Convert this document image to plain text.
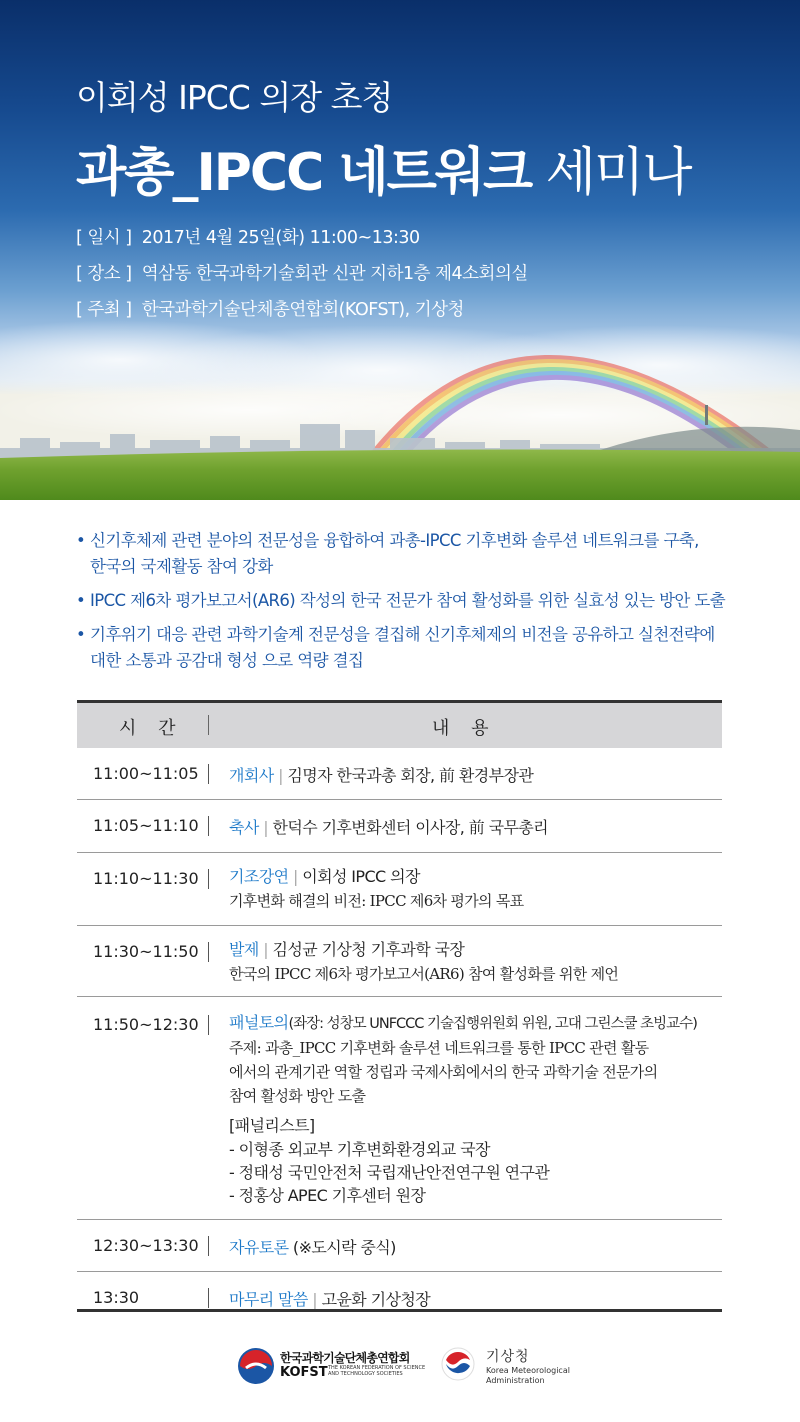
이회성 IPCC 의장 초청
과총_IPCC 네트워크 세미나
[ 일시 ] 2017년 4월 25일(화) 11:00~13:30
[ 장소 ] 역삼동 한국과학기술회관 신관 지하1층 제4소회의실
[ 주최 ] 한국과학기술단체총연합회(KOFST), 기상청
• 신기후체제 관련 분야의 전문성을 융합하여 과총-IPCC 기후변화 솔루션 네트워크를 구축,
한국의 국제활동 참여 강화
• IPCC 제6차 평가보고서(AR6) 작성의 한국 전문가 참여 활성화를 위한 실효성 있는 방안 도출
• 기후위기 대응 관련 과학기술계 전문성을 결집해 신기후체제의 비전을 공유하고 실천전략에
대한 소통과 공감대 형성 으로 역량 결집
시 간	내 용
11:00~11:05 개회사 | 김명자 한국과총 회장, 前 환경부장관
11:05~11:10 축사 | 한덕수 기후변화센터 이사장, 前 국무총리
11:10~11:30 기조강연 | 이회성 IPCC 의장
기후변화 해결의 비전: IPCC 제6차 평가의 목표
11:30~11:50 발제 | 김성균 기상청 기후과학 국장
한국의 IPCC 제6차 평가보고서(AR6) 참여 활성화를 위한 제언
11:50~12:30 패널토의(좌장: 성창모 UNFCCC 기술집행위원회 위원, 고대 그린스쿨 초빙교수)
주제: 과총_IPCC 기후변화 솔루션 네트워크를 통한 IPCC 관련 활동
에서의 관계기관 역할 정립과 국제사회에서의 한국 과학기술 전문가의
참여 활성화 방안 도출
[패널리스트]
- 이형종 외교부 기후변화환경외교 국장
- 정태성 국민안전처 국립재난안전연구원 연구관
- 정홍상 APEC 기후센터 원장
12:30~13:30 자유토론 (※도시락 중식)
13:30	마무리 말씀 | 고윤화 기상청장
한국과학기술단체총연합회
KOFST THE KOREAN FEDERATION OF SCIENCE
AND TECHNOLOGY SOCIETIES
기상청
Korea Meteorological
Administration
